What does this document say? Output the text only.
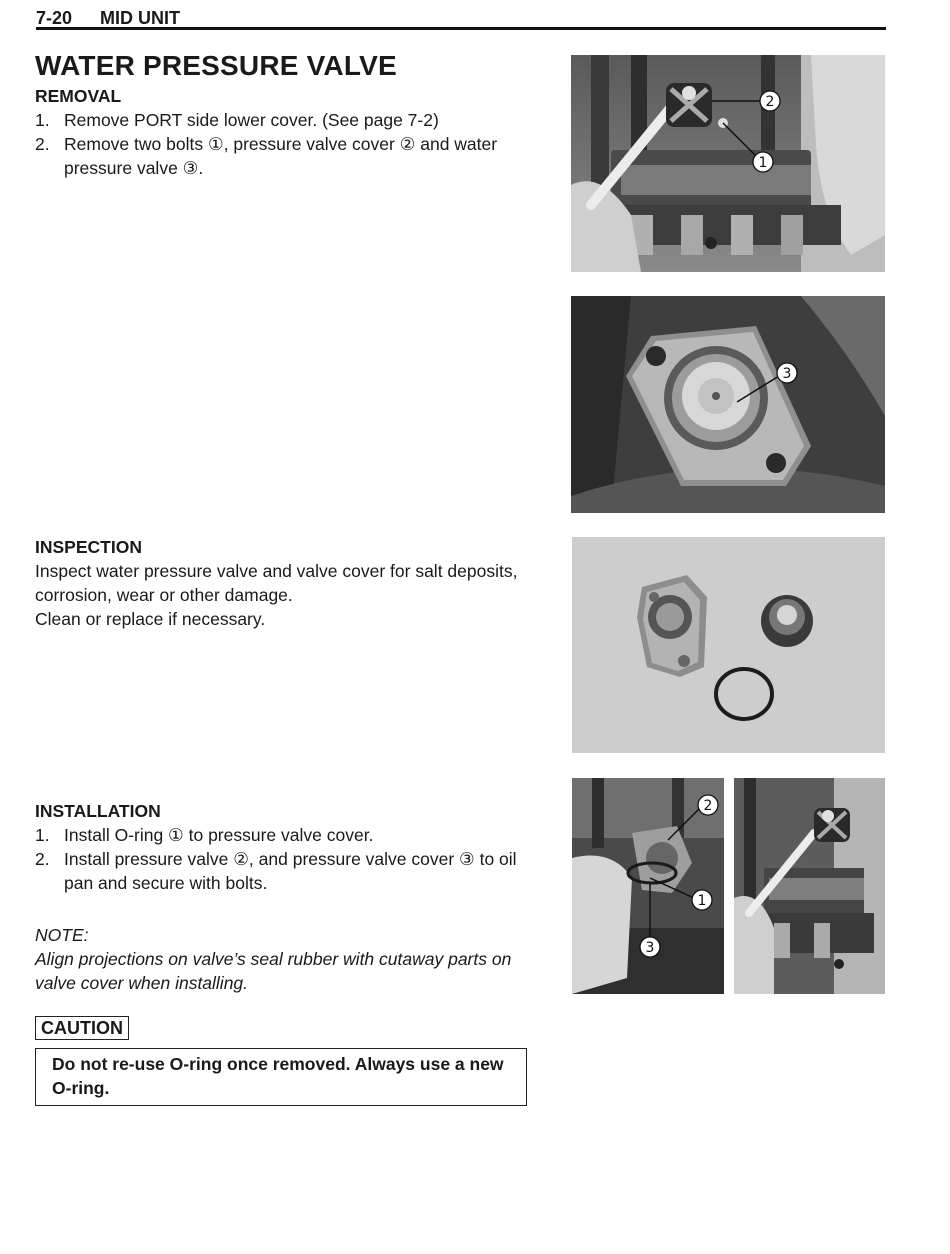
7-20 MID UNIT
WATER PRESSURE VALVE
REMOVAL
1. Remove PORT side lower cover. (See page 7-2)
2. Remove two bolts ①, pressure valve cover ② and water pressure valve ③.
INSPECTION
Inspect water pressure valve and valve cover for salt deposits,
corrosion, wear or other damage.
Clean or replace if necessary.
INSTALLATION
1. Install O-ring ① to pressure valve cover.
2. Install pressure valve ②, and pressure valve cover ③ to oil pan and secure with bolts.
NOTE:
Align projections on valve’s seal rubber with cutaway parts on valve cover when installing.
CAUTION
Do not re-use O-ring once removed. Always use a new O-ring.
2
1
3
2
1
3
